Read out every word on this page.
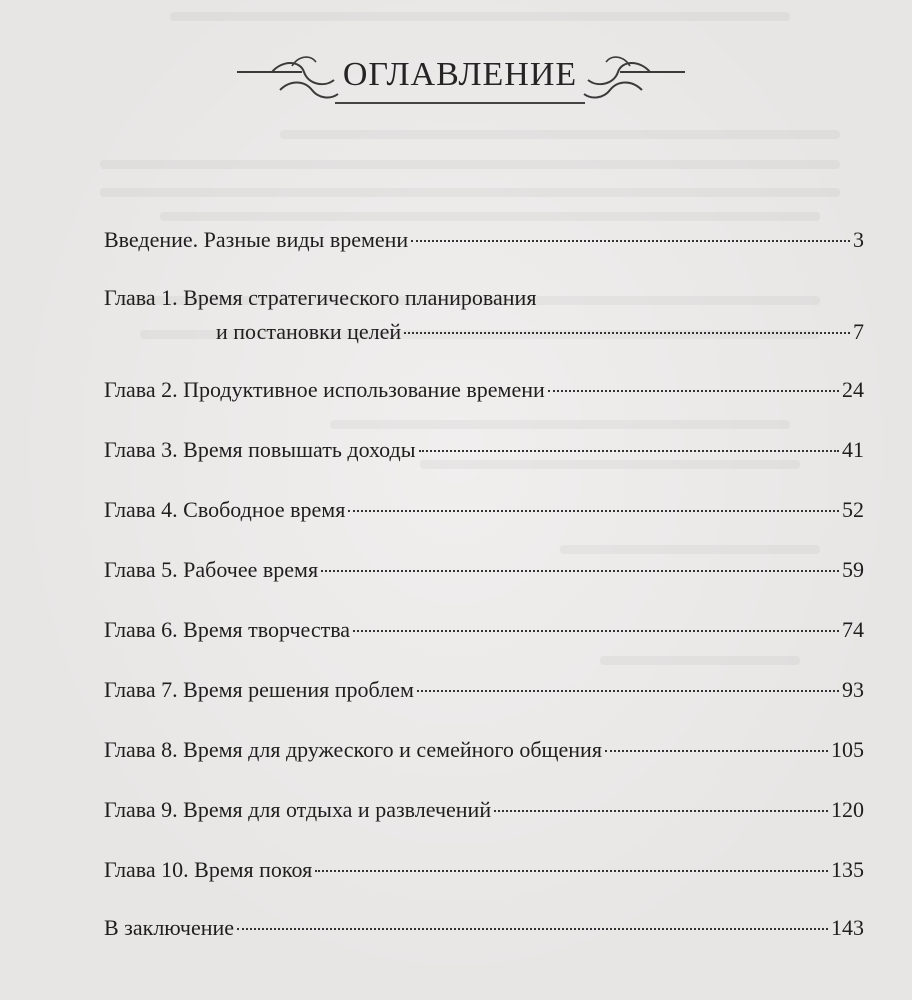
ОГЛАВЛЕНИЕ
Введение. Разные виды времени	3
Глава 1. Время стратегического планирования
и постановки целей	7
Глава 2. Продуктивное использование времени	24
Глава 3. Время повышать доходы	41
Глава 4. Свободное время	52
Глава 5. Рабочее время	59
Глава 6. Время творчества	74
Глава 7. Время решения проблем	93
Глава 8. Время для дружеского и семейного общения	105
Глава 9. Время для отдыха и развлечений	120
Глава 10. Время покоя	135
В заключение	143
